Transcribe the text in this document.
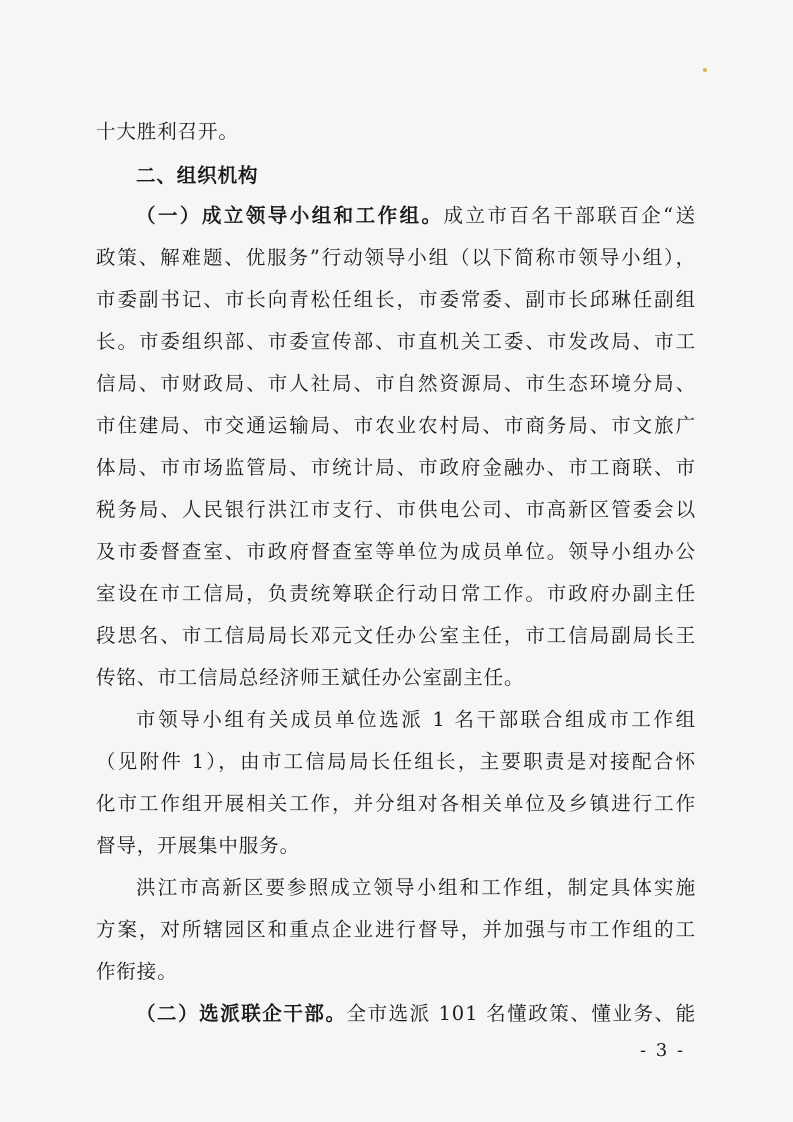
十大胜利召开。
二、组织机构
（一）成立领导小组和工作组。成立市百名干部联百企“送
政策、解难题、优服务”行动领导小组（以下简称市领导小组），
市委副书记、市长向青松任组长，市委常委、副市长邱琳任副组
长。市委组织部、市委宣传部、市直机关工委、市发改局、市工
信局、市财政局、市人社局、市自然资源局、市生态环境分局、
市住建局、市交通运输局、市农业农村局、市商务局、市文旅广
体局、市市场监管局、市统计局、市政府金融办、市工商联、市
税务局、人民银行洪江市支行、市供电公司、市高新区管委会以
及市委督查室、市政府督查室等单位为成员单位。领导小组办公
室设在市工信局，负责统筹联企行动日常工作。市政府办副主任
段思名、市工信局局长邓元文任办公室主任，市工信局副局长王
传铭、市工信局总经济师王斌任办公室副主任。
市领导小组有关成员单位选派 1 名干部联合组成市工作组
（见附件 1），由市工信局局长任组长，主要职责是对接配合怀
化市工作组开展相关工作，并分组对各相关单位及乡镇进行工作
督导，开展集中服务。
洪江市高新区要参照成立领导小组和工作组，制定具体实施
方案，对所辖园区和重点企业进行督导，并加强与市工作组的工
作衔接。
（二）选派联企干部。全市选派 101 名懂政策、懂业务、能
- 3 -
